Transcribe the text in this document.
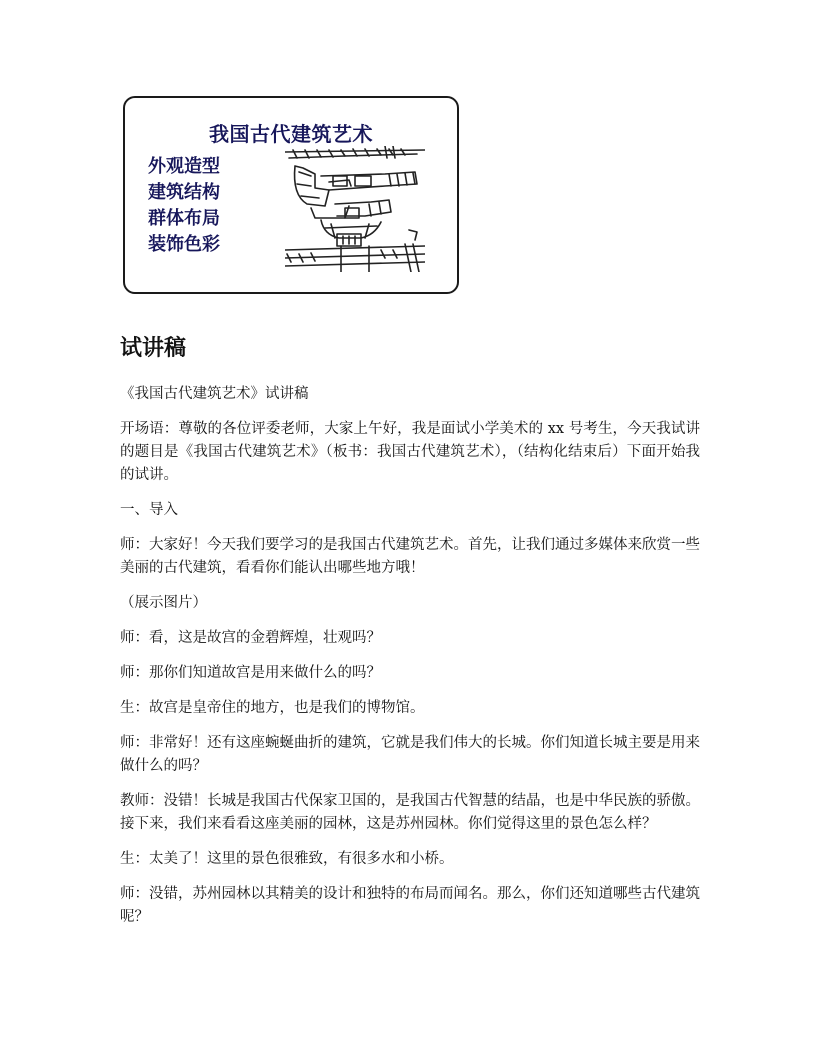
我国古代建筑艺术
外观造型
建筑结构
群体布局
装饰色彩
试讲稿

《我国古代建筑艺术》试讲稿

开场语：尊敬的各位评委老师，大家上午好，我是面试小学美术的 xx 号考生，今天我试讲的题目是《我国古代建筑艺术》（板书：我国古代建筑艺术），（结构化结束后）下面开始我的试讲。

一、导入

师：大家好！今天我们要学习的是我国古代建筑艺术。首先，让我们通过多媒体来欣赏一些美丽的古代建筑，看看你们能认出哪些地方哦！

（展示图片）

师：看，这是故宫的金碧辉煌，壮观吗？

师：那你们知道故宫是用来做什么的吗？

生：故宫是皇帝住的地方，也是我们的博物馆。

师：非常好！还有这座蜿蜒曲折的建筑，它就是我们伟大的长城。你们知道长城主要是用来做什么的吗？

教师：没错！长城是我国古代保家卫国的，是我国古代智慧的结晶，也是中华民族的骄傲。接下来，我们来看看这座美丽的园林，这是苏州园林。你们觉得这里的景色怎么样？

生：太美了！这里的景色很雅致，有很多水和小桥。

师：没错，苏州园林以其精美的设计和独特的布局而闻名。那么，你们还知道哪些古代建筑呢？
